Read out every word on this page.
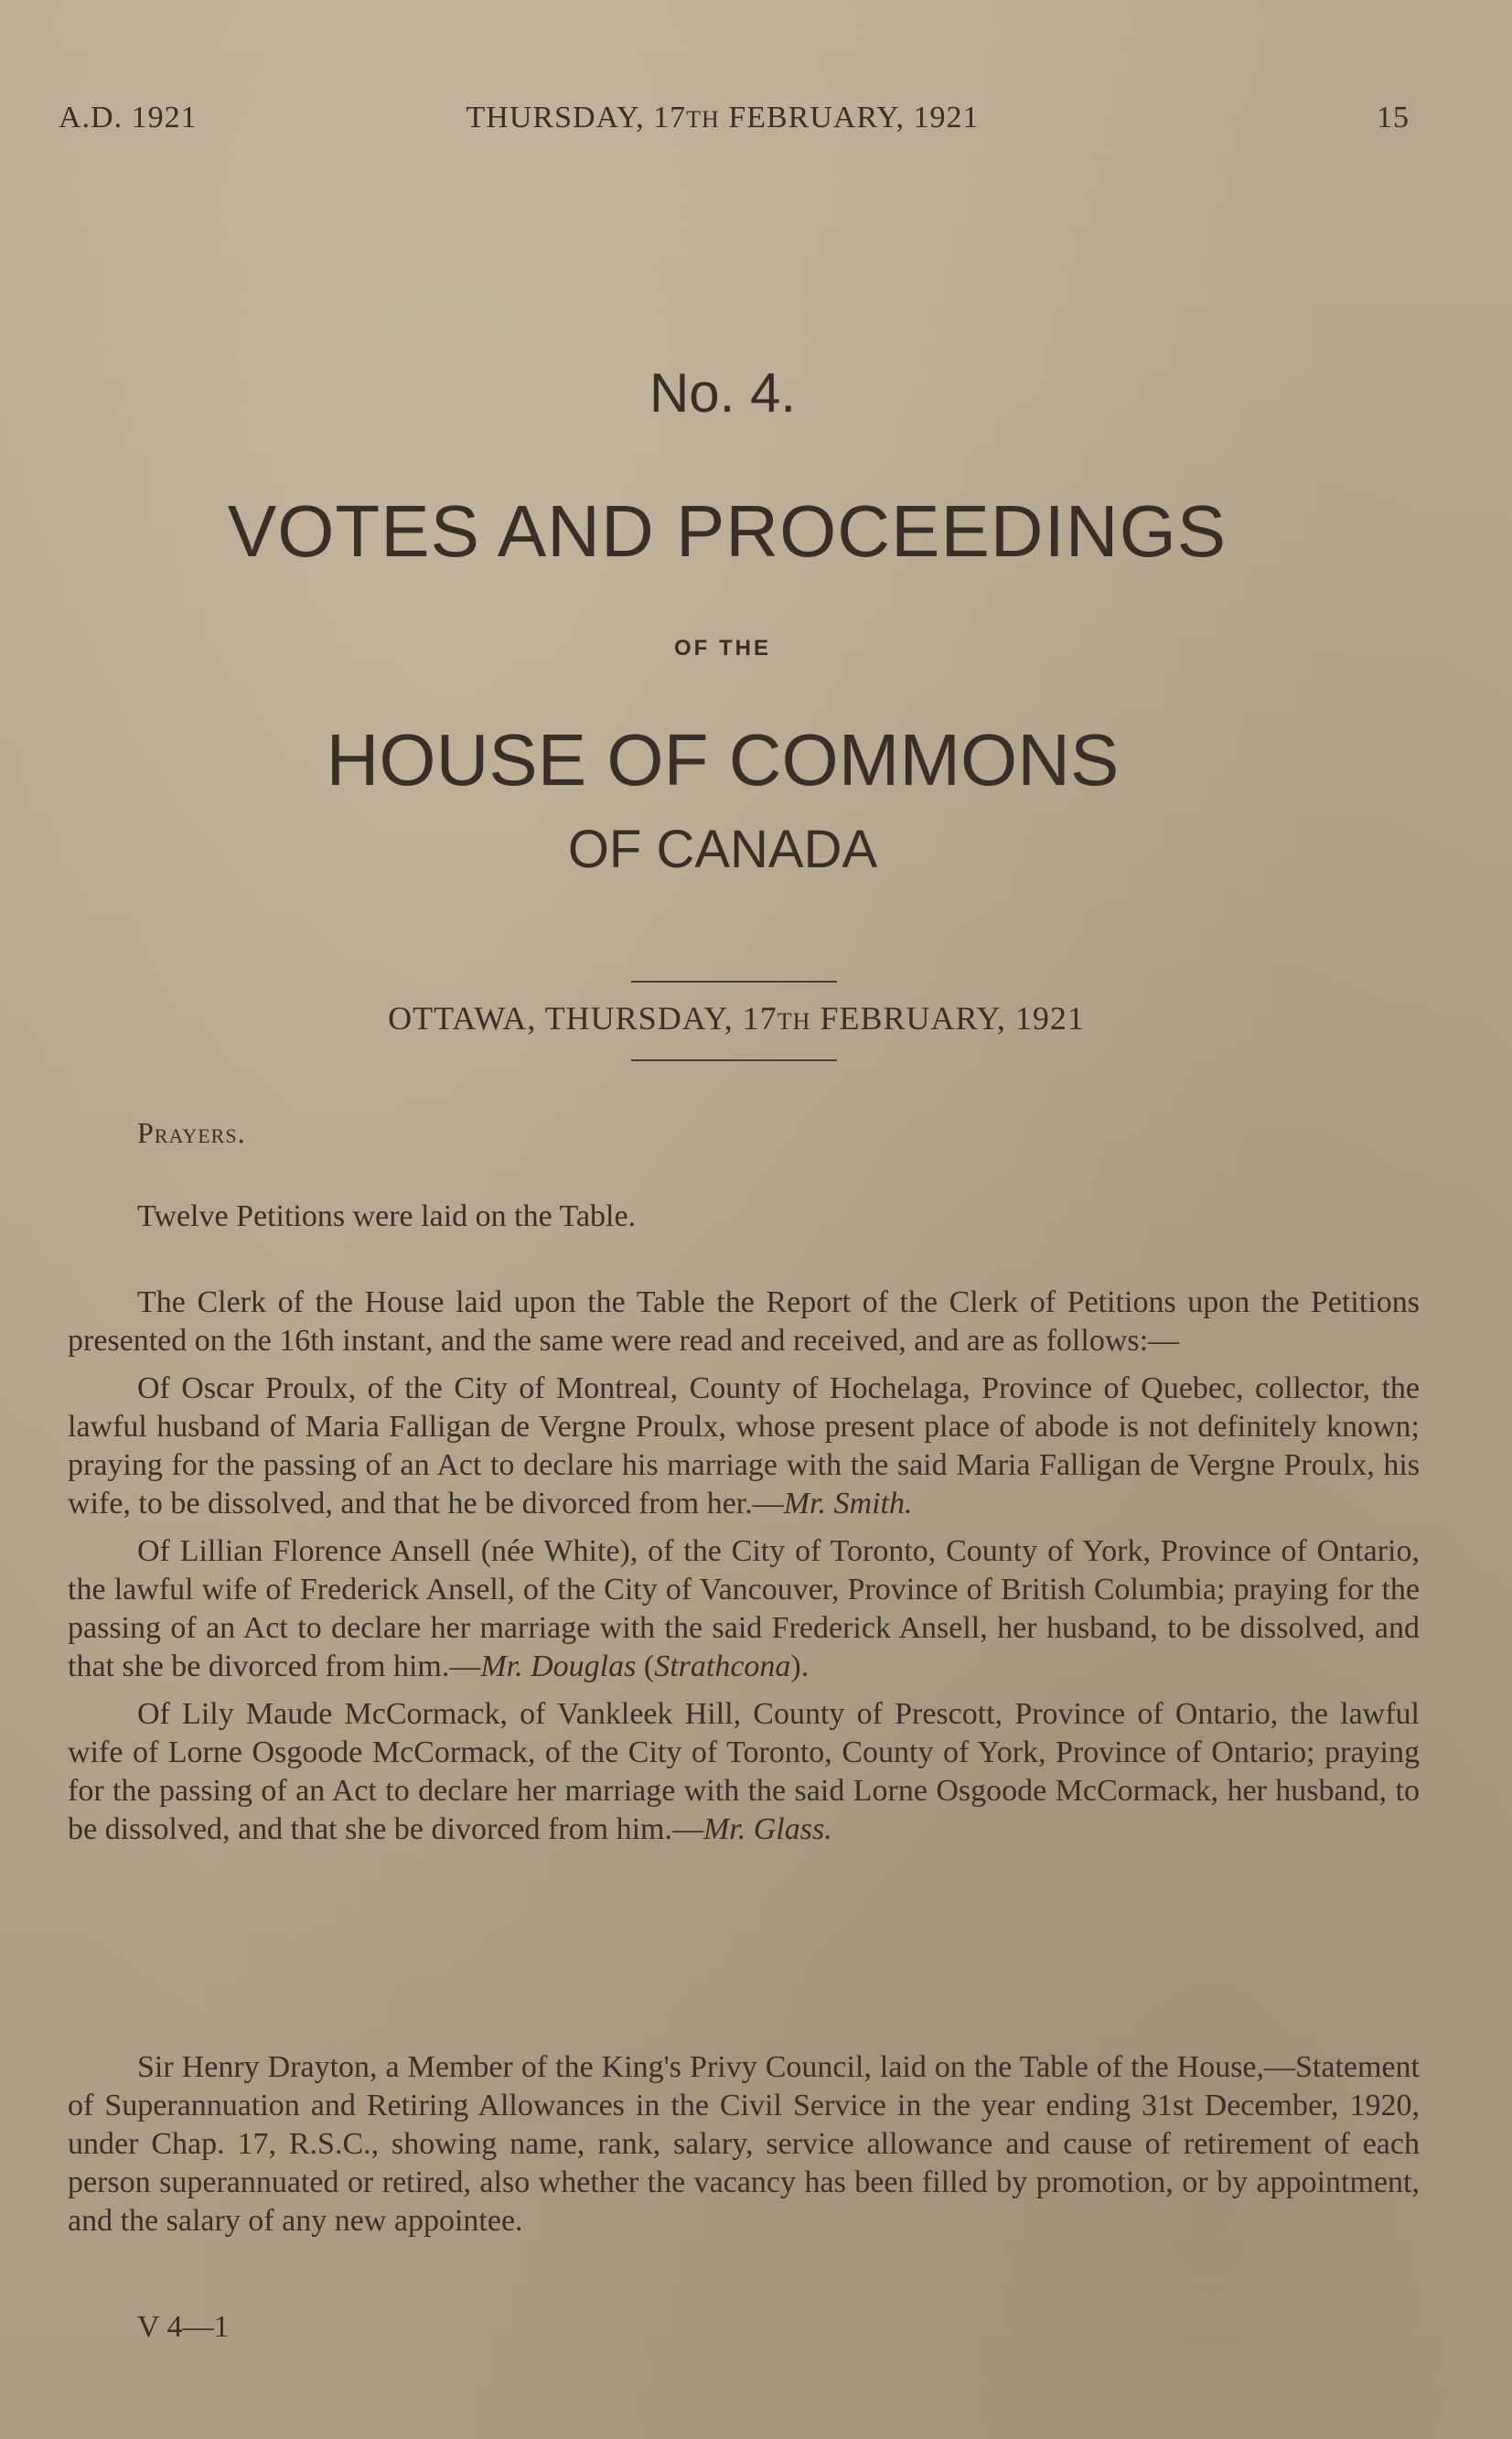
A.D. 1921	THURSDAY, 17TH FEBRUARY, 1921	15
No. 4.
VOTES AND PROCEEDINGS
OF THE
HOUSE OF COMMONS
OF CANADA
OTTAWA, THURSDAY, 17TH FEBRUARY, 1921
Prayers.

Twelve Petitions were laid on the Table.

The Clerk of the House laid upon the Table the Report of the Clerk of Petitions upon the Petitions presented on the 16th instant, and the same were read and received, and are as follows:—

Of Oscar Proulx, of the City of Montreal, County of Hochelaga, Province of Quebec, collector, the lawful husband of Maria Falligan de Vergne Proulx, whose present place of abode is not definitely known; praying for the passing of an Act to declare his marriage with the said Maria Falligan de Vergne Proulx, his wife, to be dissolved, and that he be divorced from her.—Mr. Smith.

Of Lillian Florence Ansell (née White), of the City of Toronto, County of York, Province of Ontario, the lawful wife of Frederick Ansell, of the City of Vancouver, Province of British Columbia; praying for the passing of an Act to declare her marriage with the said Frederick Ansell, her husband, to be dissolved, and that she be divorced from him.—Mr. Douglas (Strathcona).

Of Lily Maude McCormack, of Vankleek Hill, County of Prescott, Province of Ontario, the lawful wife of Lorne Osgoode McCormack, of the City of Toronto, County of York, Province of Ontario; praying for the passing of an Act to declare her marriage with the said Lorne Osgoode McCormack, her husband, to be dissolved, and that she be divorced from him.—Mr. Glass.

Sir Henry Drayton, a Member of the King's Privy Council, laid on the Table of the House,—Statement of Superannuation and Retiring Allowances in the Civil Service in the year ending 31st December, 1920, under Chap. 17, R.S.C., showing name, rank, salary, service allowance and cause of retirement of each person superannuated or retired, also whether the vacancy has been filled by promotion, or by appointment, and the salary of any new appointee.

V 4—1
